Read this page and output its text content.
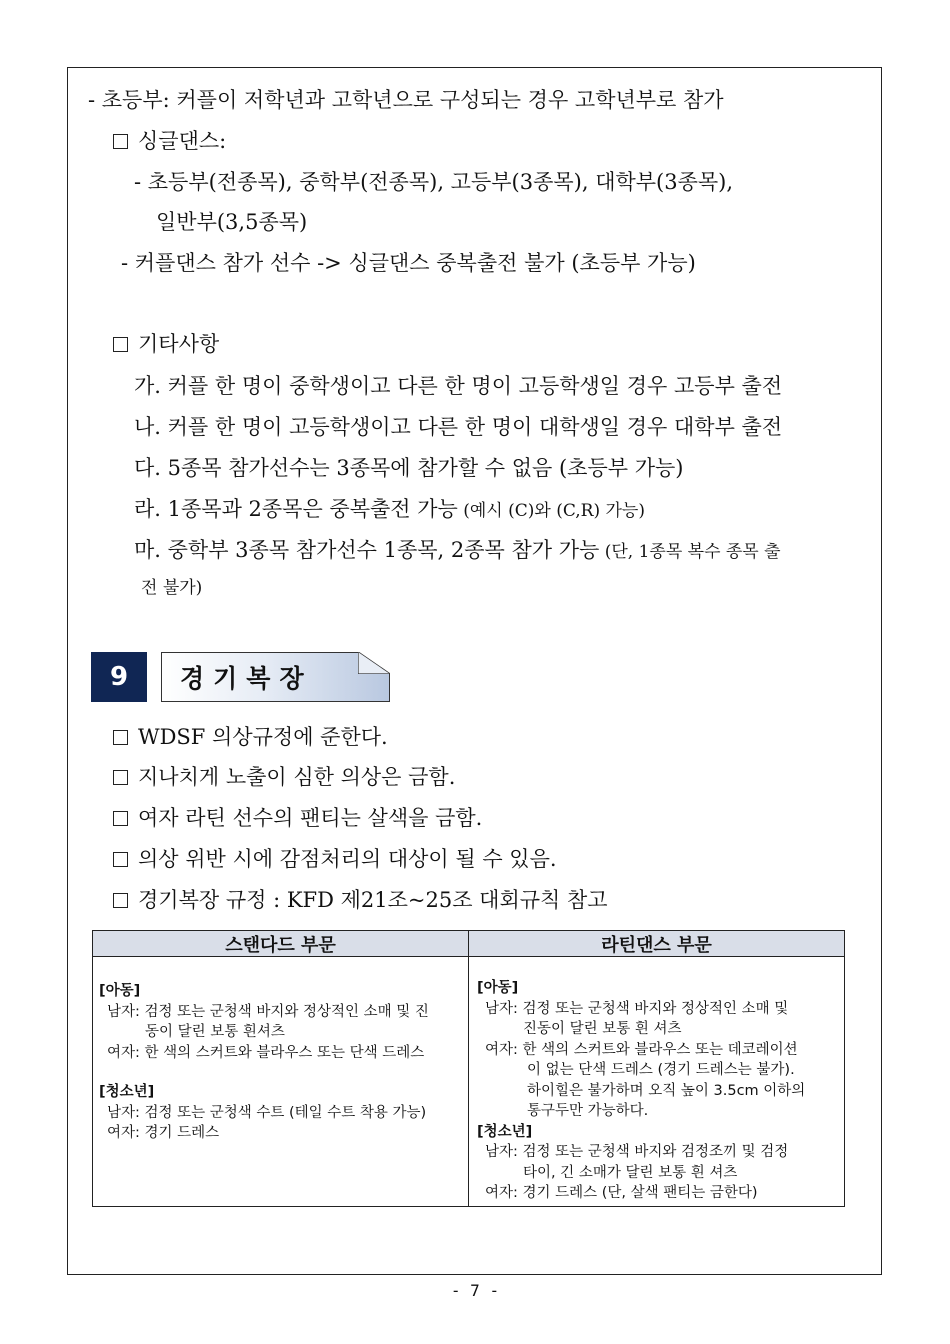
- 초등부: 커플이 저학년과 고학년으로 구성되는 경우 고학년부로 참가
싱글댄스:
- 초등부(전종목), 중학부(전종목), 고등부(3종목), 대학부(3종목),
일반부(3,5종목)
- 커플댄스 참가 선수 -> 싱글댄스 중복출전 불가 (초등부 가능)
기타사항
가. 커플 한 명이 중학생이고 다른 한 명이 고등학생일 경우 고등부 출전
나. 커플 한 명이 고등학생이고 다른 한 명이 대학생일 경우 대학부 출전
다. 5종목 참가선수는 3종목에 참가할 수 없음 (초등부 가능)
라. 1종목과 2종목은 중복출전 가능 (예시 (C)와 (C,R) 가능)
마. 중학부 3종목 참가선수 1종목, 2종목 참가 가능 (단, 1종목 복수 종목 출
전 불가)
9	경기복장
WDSF 의상규정에 준한다.
지나치게 노출이 심한 의상은 금함.
여자 라틴 선수의 팬티는 살색을 금함.
의상 위반 시에 감점처리의 대상이 될 수 있음.
경기복장 규정 : KFD 제21조~25조 대회규칙 참고
스탠다드 부문	라틴댄스 부문
[아동]
남자: 검정 또는 군청색 바지와 정상적인 소매 및 진
동이 달린 보통 흰셔츠
여자: 한 색의 스커트와 블라우스 또는 단색 드레스
[청소년]
남자: 검정 또는 군청색 수트 (테일 수트 착용 가능)
여자: 경기 드레스
[아동]
남자: 검정 또는 군청색 바지와 정상적인 소매 및
진동이 달린 보통 흰 셔츠
여자: 한 색의 스커트와 블라우스 또는 데코레이션
이 없는 단색 드레스 (경기 드레스는 불가).
하이힐은 불가하며 오직 높이 3.5cm 이하의
통구두만 가능하다.
[청소년]
남자: 검정 또는 군청색 바지와 검정조끼 및 검정
타이, 긴 소매가 달린 보통 흰 셔츠
여자: 경기 드레스 (단, 살색 팬티는 금한다)
- 7 -
